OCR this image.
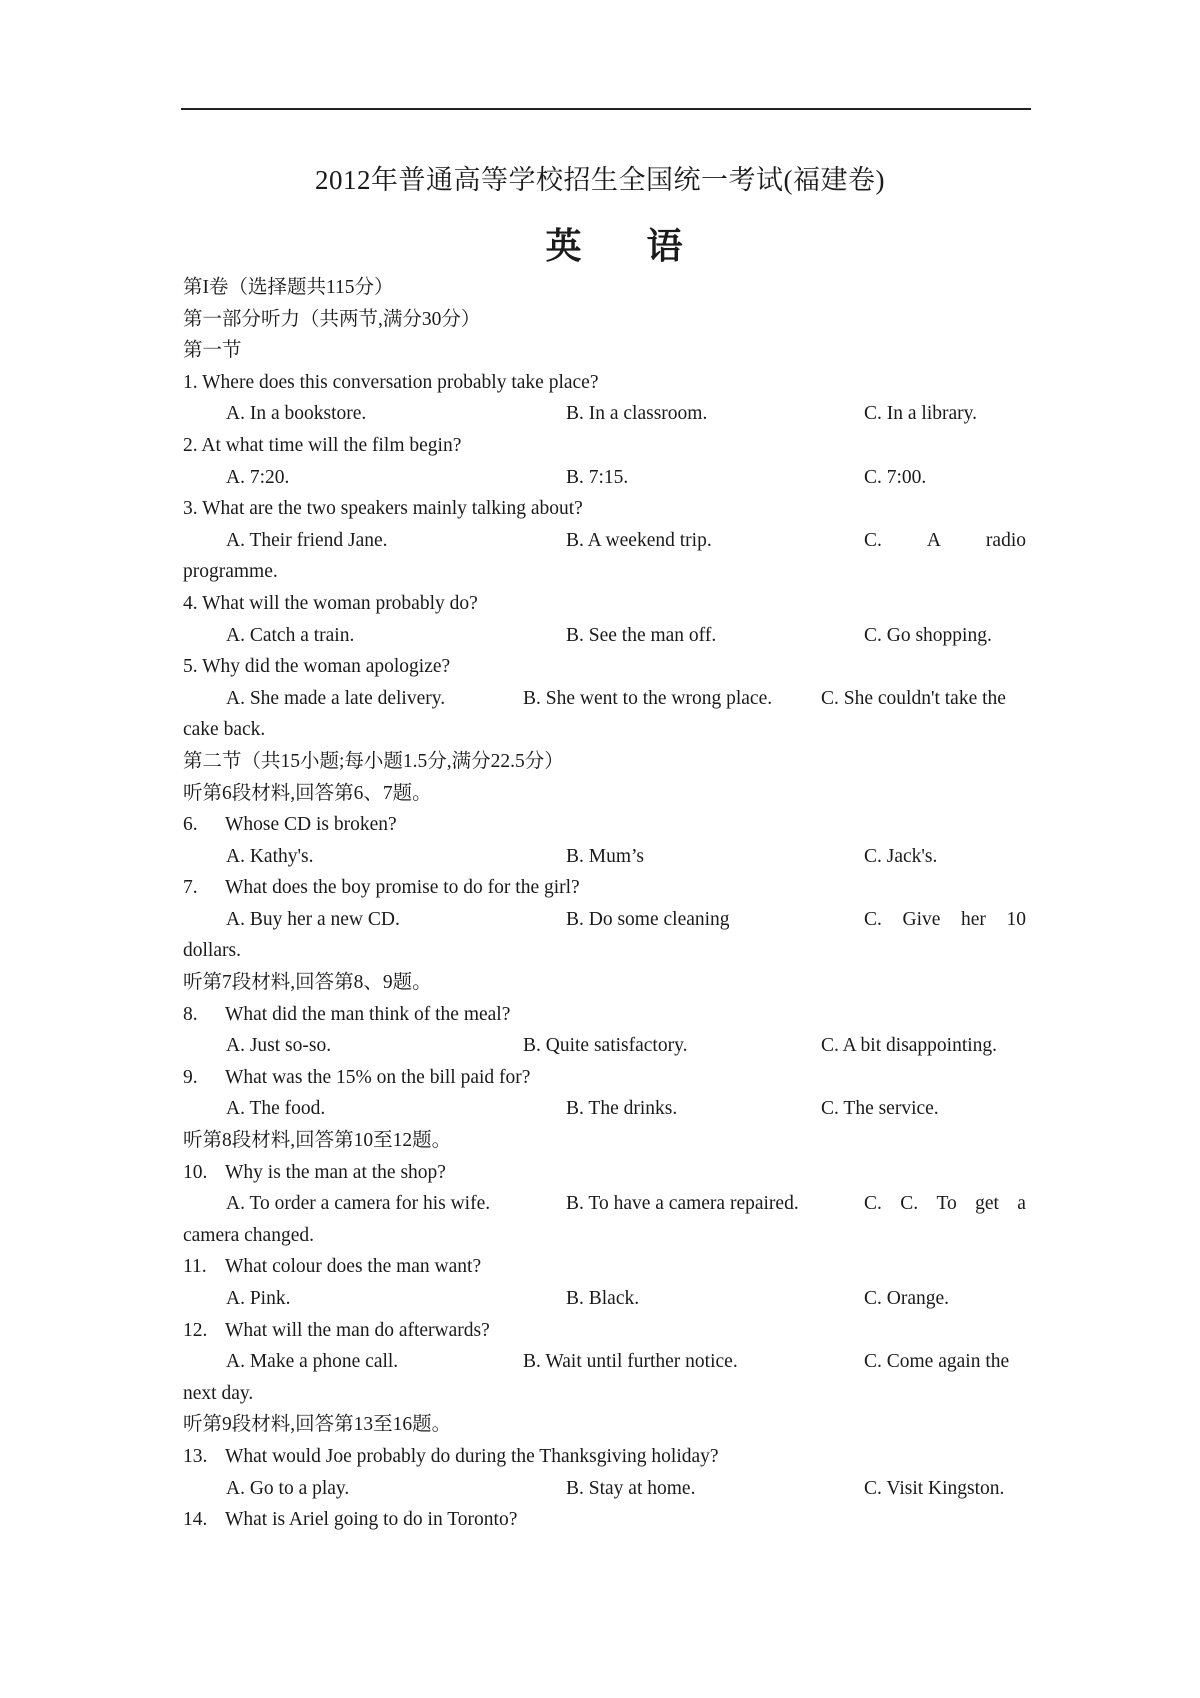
2012年普通高等学校招生全国统一考试(福建卷)
英 语
第I卷（选择题共115分）
第一部分听力（共两节,满分30分）
第一节
1. Where does this conversation probably take place?
A. In a bookstore.	B. In a classroom.	C. In a library.
2. At what time will the film begin?
A. 7:20.	B. 7:15.	C. 7:00.
3. What are the two speakers mainly talking about?
A. Their friend Jane.	B. A weekend trip.	C. A radio
programme.
4. What will the woman probably do?
A. Catch a train.	B. See the man off.	C. Go shopping.
5. Why did the woman apologize?
A. She made a late delivery.	B. She went to the wrong place.	C. She couldn't take the
cake back.
第二节（共15小题;每小题1.5分,满分22.5分）
听第6段材料,回答第6、7题。
6. Whose CD is broken?
A. Kathy's.	B. Mum’s	C. Jack's.
7. What does the boy promise to do for the girl?
A. Buy her a new CD.	B. Do some cleaning	C. Give her 10
dollars.
听第7段材料,回答第8、9题。
8. What did the man think of the meal?
A. Just so-so.	B. Quite satisfactory.	C. A bit disappointing.
9. What was the 15% on the bill paid for?
A. The food.	B. The drinks.	C. The service.
听第8段材料,回答第10至12题。
10. Why is the man at the shop?
A. To order a camera for his wife.	B. To have a camera repaired.	C. C. To get a
camera changed.
11. What colour does the man want?
A. Pink.	B. Black.	C. Orange.
12. What will the man do afterwards?
A. Make a phone call.	B. Wait until further notice.	C. Come again the
next day.
听第9段材料,回答第13至16题。
13. What would Joe probably do during the Thanksgiving holiday?
A. Go to a play.	B. Stay at home.	C. Visit Kingston.
14. What is Ariel going to do in Toronto?
